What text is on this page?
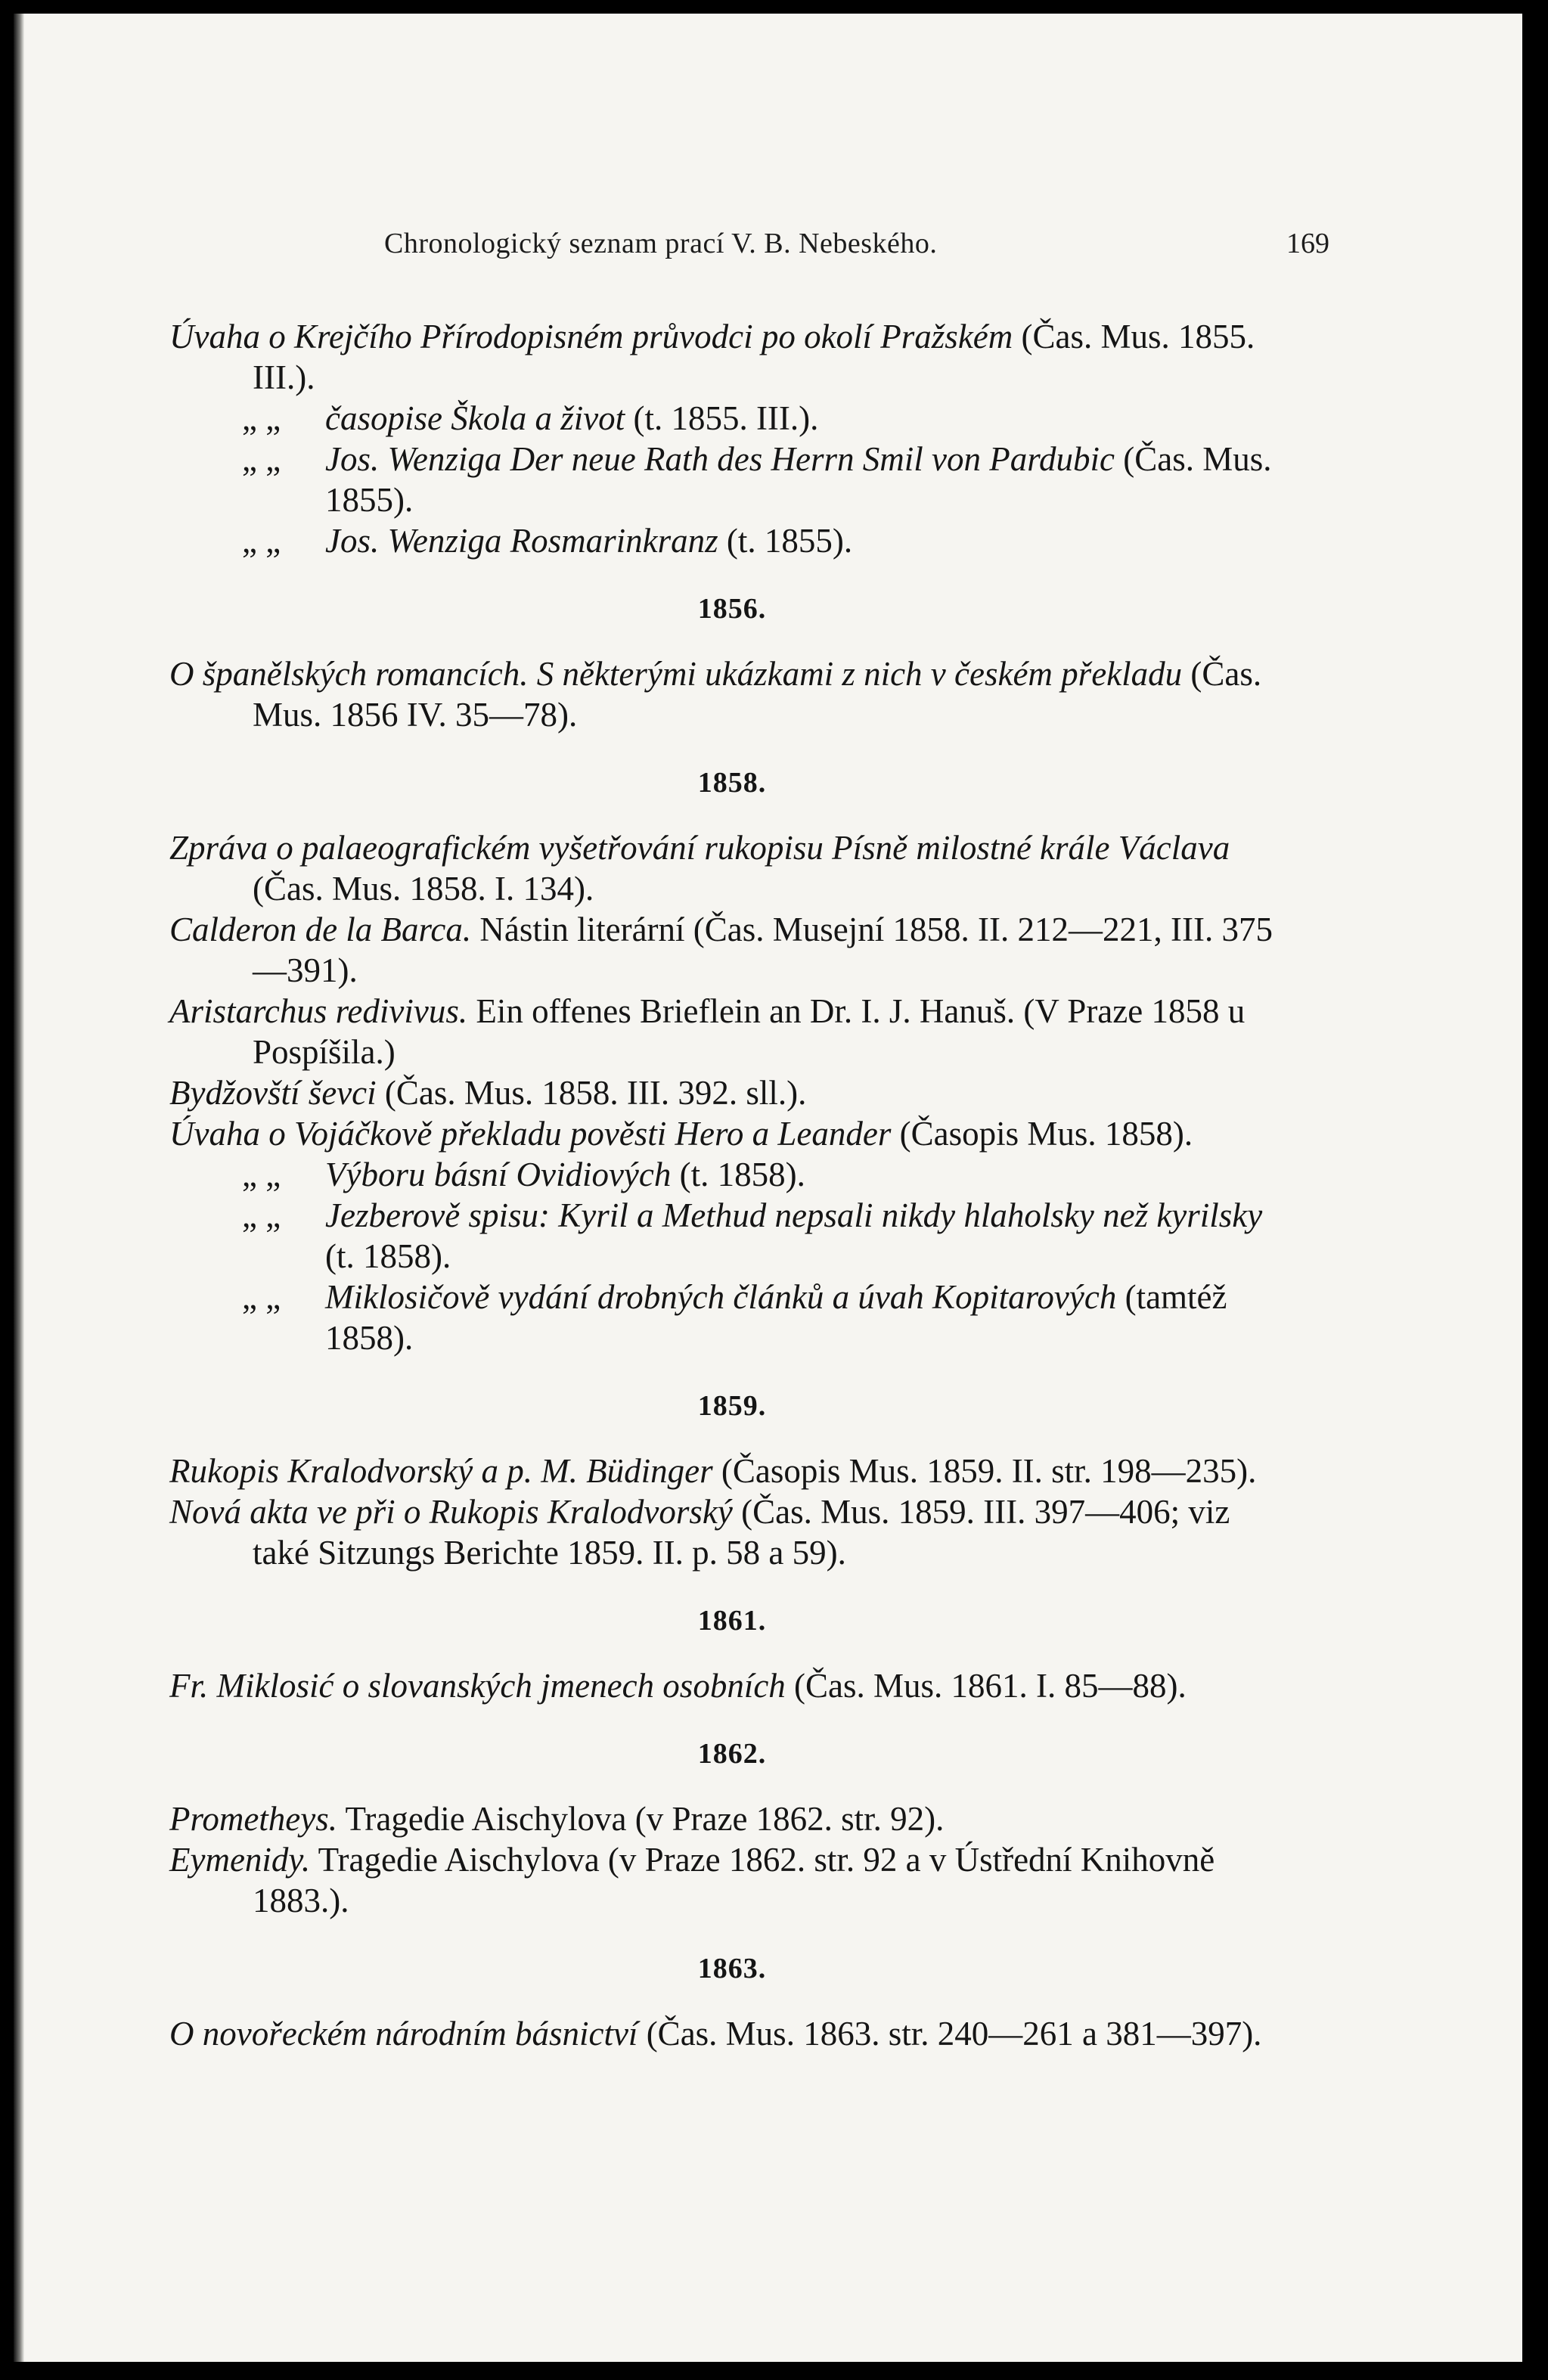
Chronologický seznam prací V. B. Nebeského.	169

Úvaha o Krejčího Přírodopisném průvodci po okolí Pražském (Čas. Mus. 1855. III.).

„ „ časopise Škola a život (t. 1855. III.).

„ „ Jos. Wenziga Der neue Rath des Herrn Smil von Pardubic (Čas. Mus. 1855).

„ „ Jos. Wenziga Rosmarinkranz (t. 1855).

1856.

O španělských romancích. S některými ukázkami z nich v českém překladu (Čas. Mus. 1856 IV. 35—78).

1858.

Zpráva o palaeografickém vyšetřování rukopisu Písně milostné krále Václava (Čas. Mus. 1858. I. 134).

Calderon de la Barca. Nástin literární (Čas. Musejní 1858. II. 212—221, III. 375—391).

Aristarchus redivivus. Ein offenes Brieflein an Dr. I. J. Hanuš. (V Praze 1858 u Pospíšila.)

Bydžovští ševci (Čas. Mus. 1858. III. 392. sll.).

Úvaha o Vojáčkově překladu pověsti Hero a Leander (Časopis Mus. 1858).

„ „ Výboru básní Ovidiových (t. 1858).

„ „ Jezberově spisu: Kyril a Methud nepsali nikdy hlaholsky než kyrilsky (t. 1858).

„ „ Miklosičově vydání drobných článků a úvah Kopitarových (tamtéž 1858).

1859.

Rukopis Kralodvorský a p. M. Büdinger (Časopis Mus. 1859. II. str. 198—235).

Nová akta ve při o Rukopis Kralodvorský (Čas. Mus. 1859. III. 397—406; viz také Sitzungs Berichte 1859. II. p. 58 a 59).

1861.

Fr. Miklosić o slovanských jmenech osobních (Čas. Mus. 1861. I. 85—88).

1862.

Prometheys. Tragedie Aischylova (v Praze 1862. str. 92).

Eymenidy. Tragedie Aischylova (v Praze 1862. str. 92 a v Ústřední Knihovně 1883.).

1863.

O novořeckém národním básnictví (Čas. Mus. 1863. str. 240—261 a 381—397).
